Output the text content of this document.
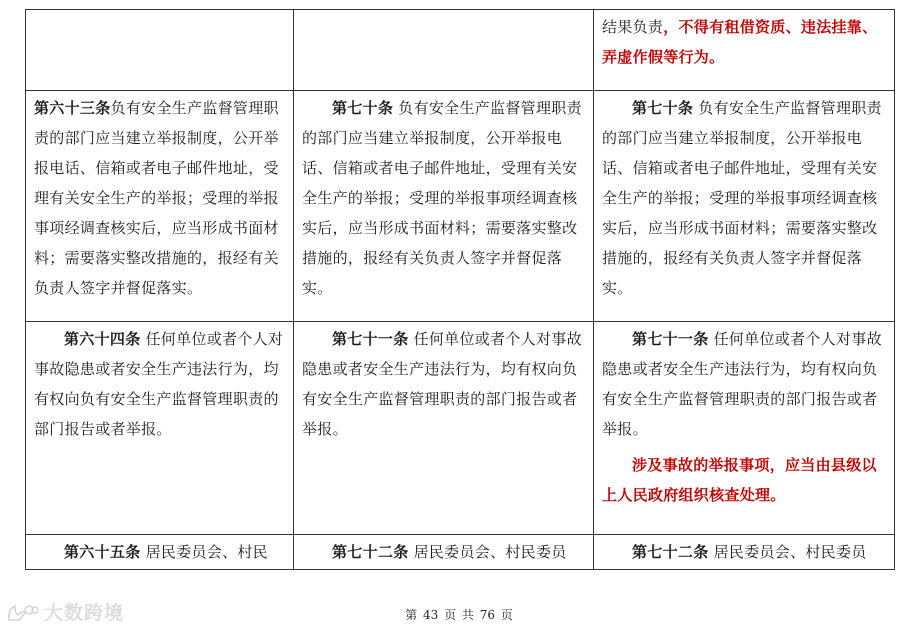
		结果负责，不得有租借资质、违法挂靠、弄虚作假等行为。

第六十三条负有安全生产监督管理职责的部门应当建立举报制度，公开举报电话、信箱或者电子邮件地址，受理有关安全生产的举报；受理的举报事项经调查核实后，应当形成书面材料；需要落实整改措施的，报经有关负责人签字并督促落实。	第七十条 负有安全生产监督管理职责的部门应当建立举报制度，公开举报电话、信箱或者电子邮件地址，受理有关安全生产的举报；受理的举报事项经调查核实后，应当形成书面材料；需要落实整改措施的，报经有关负责人签字并督促落实。	第七十条 负有安全生产监督管理职责的部门应当建立举报制度，公开举报电话、信箱或者电子邮件地址，受理有关安全生产的举报；受理的举报事项经调查核实后，应当形成书面材料；需要落实整改措施的，报经有关负责人签字并督促落实。

第六十四条 任何单位或者个人对事故隐患或者安全生产违法行为，均有权向负有安全生产监督管理职责的部门报告或者举报。	第七十一条 任何单位或者个人对事故隐患或者安全生产违法行为，均有权向负有安全生产监督管理职责的部门报告或者举报。	第七十一条 任何单位或者个人对事故隐患或者安全生产违法行为，均有权向负有安全生产监督管理职责的部门报告或者举报。
涉及事故的举报事项，应当由县级以上人民政府组织核查处理。

第六十五条 居民委员会、村民	第七十二条 居民委员会、村民委员	第七十二条 居民委员会、村民委员
第 43 页 共 76 页
大数跨境
